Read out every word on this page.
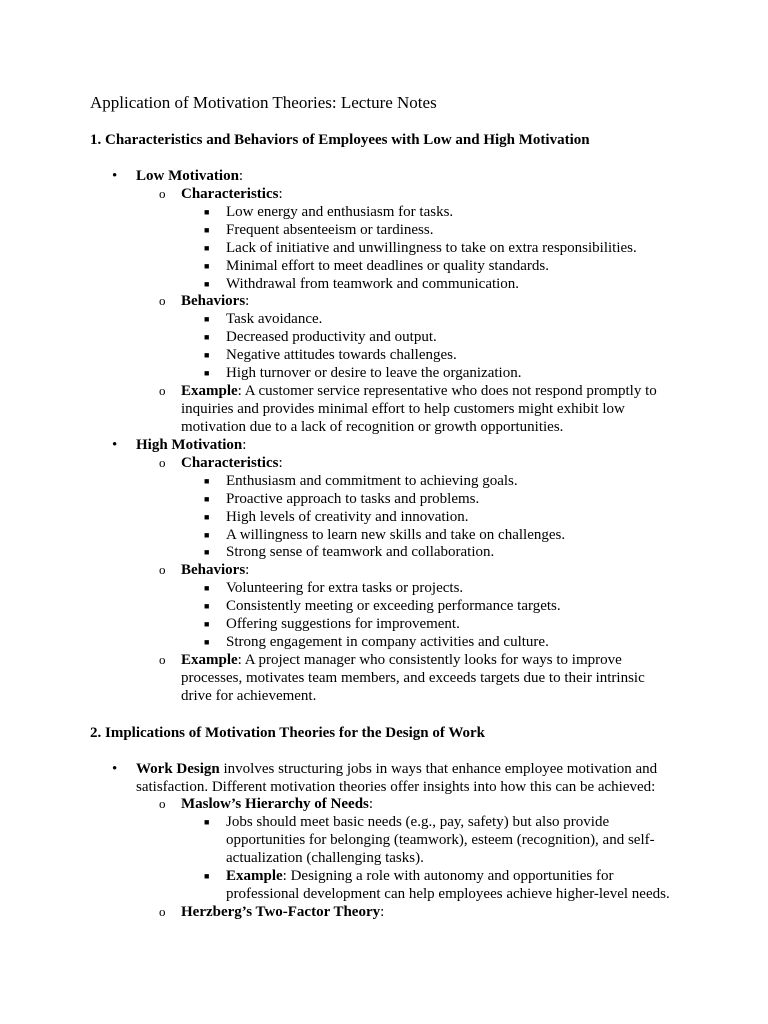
Application of Motivation Theories: Lecture Notes
1. Characteristics and Behaviors of Employees with Low and High Motivation
• Low Motivation:
o Characteristics:
■ Low energy and enthusiasm for tasks.
■ Frequent absenteeism or tardiness.
■ Lack of initiative and unwillingness to take on extra responsibilities.
■ Minimal effort to meet deadlines or quality standards.
■ Withdrawal from teamwork and communication.
o Behaviors:
■ Task avoidance.
■ Decreased productivity and output.
■ Negative attitudes towards challenges.
■ High turnover or desire to leave the organization.
o Example: A customer service representative who does not respond promptly to
inquiries and provides minimal effort to help customers might exhibit low
motivation due to a lack of recognition or growth opportunities.
• High Motivation:
o Characteristics:
■ Enthusiasm and commitment to achieving goals.
■ Proactive approach to tasks and problems.
■ High levels of creativity and innovation.
■ A willingness to learn new skills and take on challenges.
■ Strong sense of teamwork and collaboration.
o Behaviors:
■ Volunteering for extra tasks or projects.
■ Consistently meeting or exceeding performance targets.
■ Offering suggestions for improvement.
■ Strong engagement in company activities and culture.
o Example: A project manager who consistently looks for ways to improve
processes, motivates team members, and exceeds targets due to their intrinsic
drive for achievement.
2. Implications of Motivation Theories for the Design of Work
• Work Design involves structuring jobs in ways that enhance employee motivation and
satisfaction. Different motivation theories offer insights into how this can be achieved:
o Maslow’s Hierarchy of Needs:
■ Jobs should meet basic needs (e.g., pay, safety) but also provide
opportunities for belonging (teamwork), esteem (recognition), and self-
actualization (challenging tasks).
■ Example: Designing a role with autonomy and opportunities for
professional development can help employees achieve higher-level needs.
o Herzberg’s Two-Factor Theory:
